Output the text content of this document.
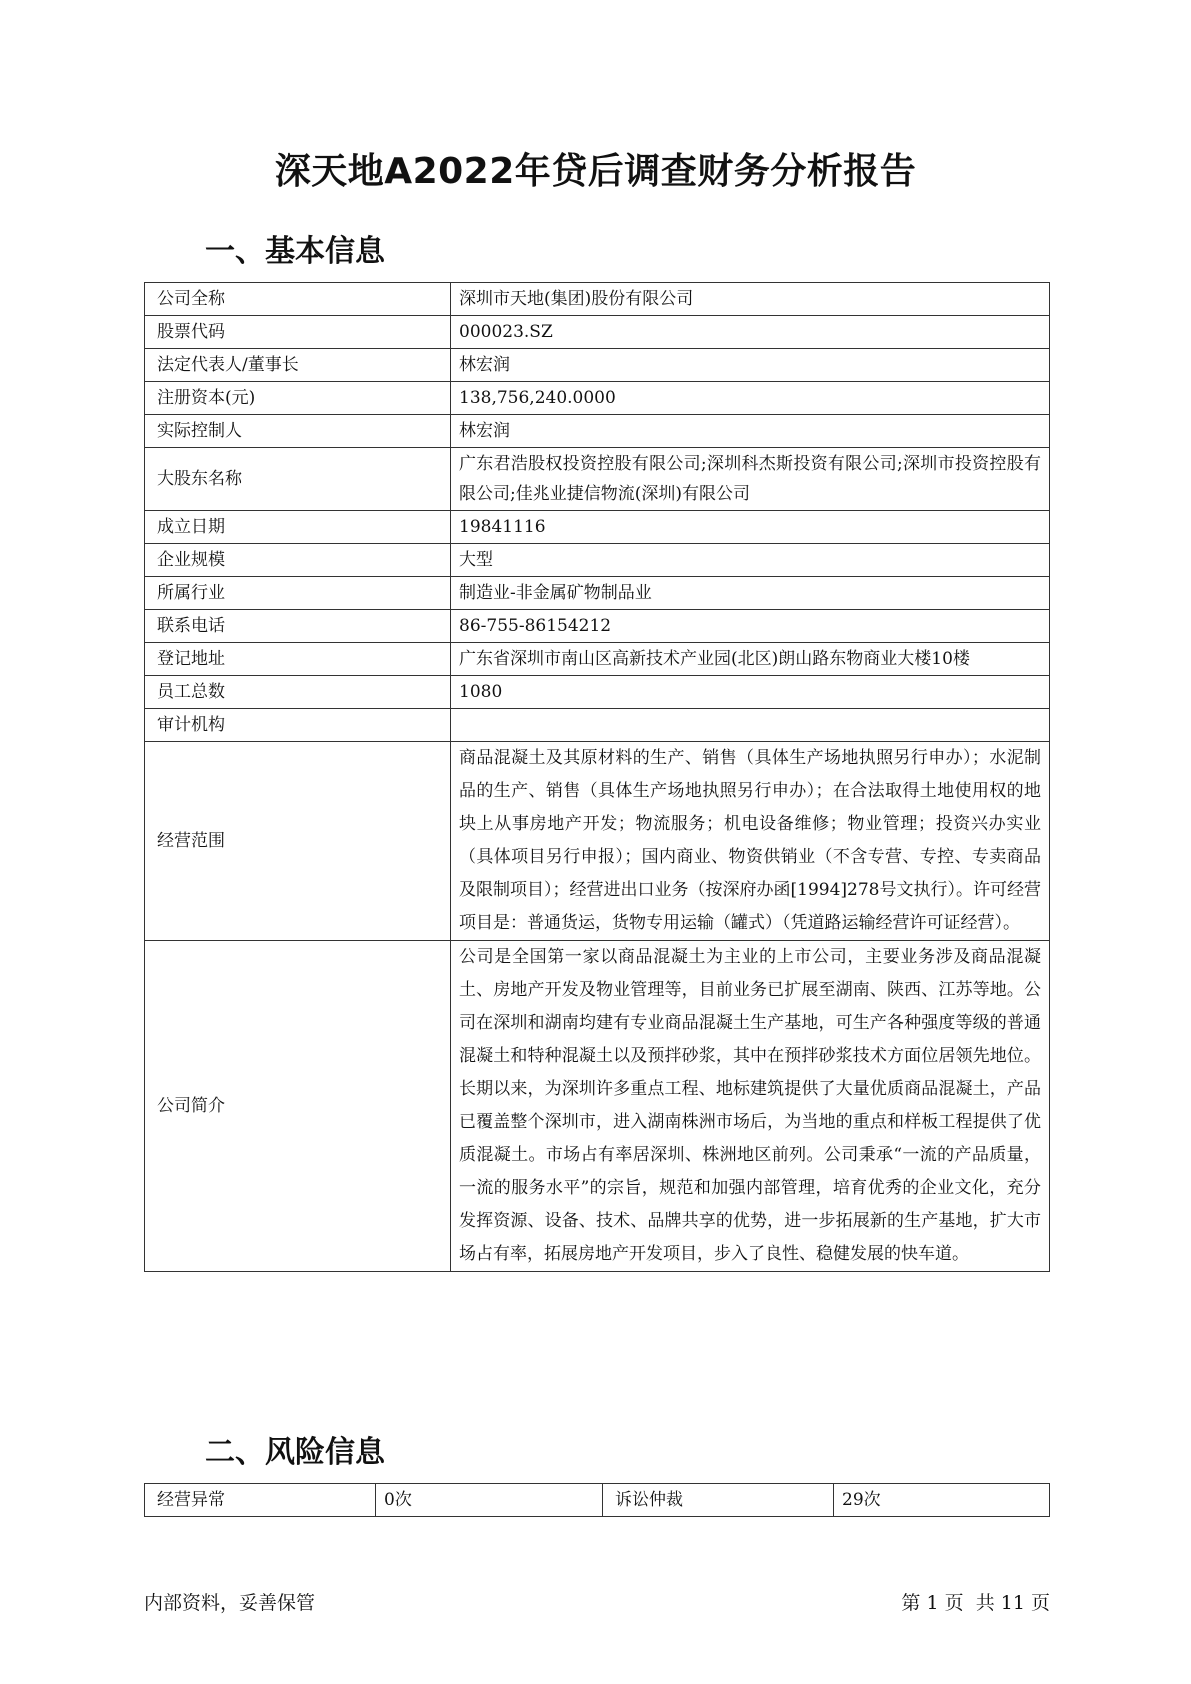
深天地A2022年贷后调查财务分析报告
一、基本信息
公司全称	深圳市天地(集团)股份有限公司
股票代码	000023.SZ
法定代表人/董事长	林宏润
注册资本(元)	138,756,240.0000
实际控制人	林宏润
大股东名称	广东君浩股权投资控股有限公司;深圳科杰斯投资有限公司;深圳市投资控股有限公司;佳兆业捷信物流(深圳)有限公司
成立日期	19841116
企业规模	大型
所属行业	制造业-非金属矿物制品业
联系电话	86-755-86154212
登记地址	广东省深圳市南山区高新技术产业园(北区)朗山路东物商业大楼10楼
员工总数	1080
审计机构	
经营范围	商品混凝土及其原材料的生产、销售（具体生产场地执照另行申办）；水泥制品的生产、销售（具体生产场地执照另行申办）；在合法取得土地使用权的地块上从事房地产开发；物流服务；机电设备维修；物业管理；投资兴办实业（具体项目另行申报）；国内商业、物资供销业（不含专营、专控、专卖商品及限制项目）；经营进出口业务（按深府办函[1994]278号文执行）。许可经营项目是：普通货运，货物专用运输（罐式）（凭道路运输经营许可证经营）。
公司简介	公司是全国第一家以商品混凝土为主业的上市公司，主要业务涉及商品混凝土、房地产开发及物业管理等，目前业务已扩展至湖南、陕西、江苏等地。公司在深圳和湖南均建有专业商品混凝土生产基地，可生产各种强度等级的普通混凝土和特种混凝土以及预拌砂浆，其中在预拌砂浆技术方面位居领先地位。长期以来，为深圳许多重点工程、地标建筑提供了大量优质商品混凝土，产品已覆盖整个深圳市，进入湖南株洲市场后，为当地的重点和样板工程提供了优质混凝土。市场占有率居深圳、株洲地区前列。公司秉承“一流的产品质量，一流的服务水平”的宗旨，规范和加强内部管理，培育优秀的企业文化，充分发挥资源、设备、技术、品牌共享的优势，进一步拓展新的生产基地，扩大市场占有率，拓展房地产开发项目，步入了良性、稳健发展的快车道。
二、风险信息
经营异常	0次	诉讼仲裁	29次
内部资料，妥善保管	第 1 页  共 11 页
